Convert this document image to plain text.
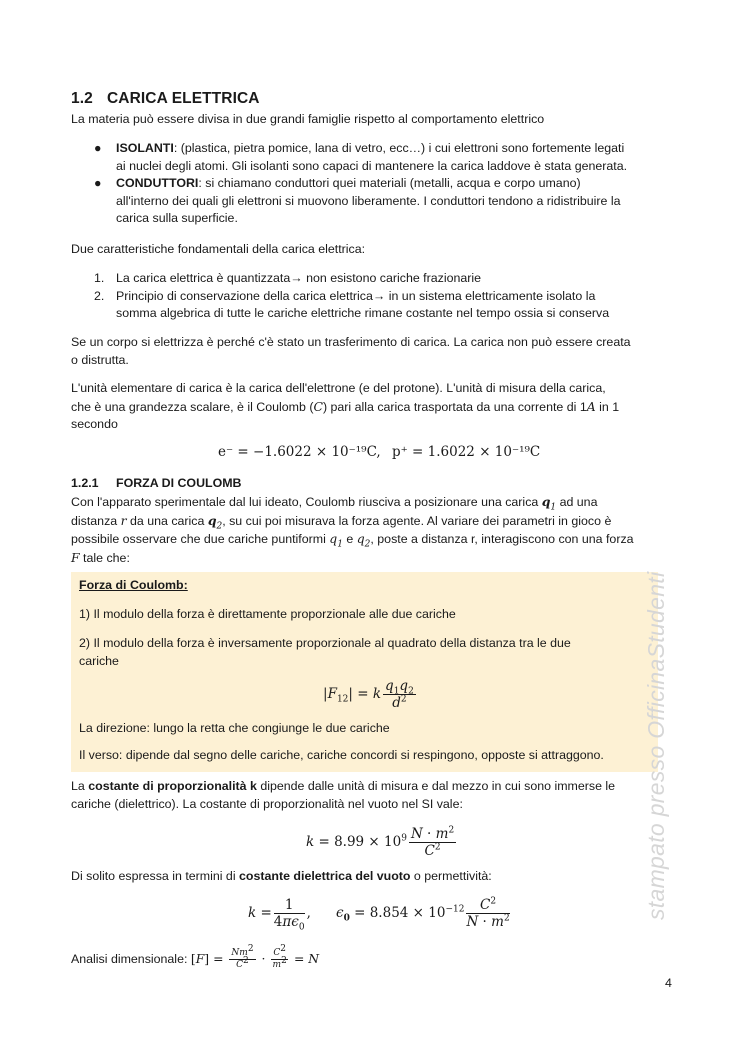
1.2 CARICA ELETTRICA
La materia può essere divisa in due grandi famiglie rispetto al comportamento elettrico
● ISOLANTI: (plastica, pietra pomice, lana di vetro, ecc…) i cui elettroni sono fortemente legati
ai nuclei degli atomi. Gli isolanti sono capaci di mantenere la carica laddove è stata generata.
● CONDUTTORI: si chiamano conduttori quei materiali (metalli, acqua e corpo umano)
all'interno dei quali gli elettroni si muovono liberamente. I conduttori tendono a ridistribuire la
carica sulla superficie.
Due caratteristiche fondamentali della carica elettrica:
1. La carica elettrica è quantizzata→ non esistono cariche frazionarie
2. Principio di conservazione della carica elettrica→ in un sistema elettricamente isolato la
somma algebrica di tutte le cariche elettriche rimane costante nel tempo ossia si conserva
Se un corpo si elettrizza è perché c'è stato un trasferimento di carica. La carica non può essere creata
o distrutta.
L'unità elementare di carica è la carica dell'elettrone (e del protone). L'unità di misura della carica,
che è una grandezza scalare, è il Coulomb (C) pari alla carica trasportata da una corrente di 1A in 1
secondo
e⁻ = −1.6022 × 10⁻¹⁹C, p⁺ = 1.6022 × 10⁻¹⁹C
1.2.1 FORZA DI COULOMB
Con l'apparato sperimentale dal lui ideato, Coulomb riusciva a posizionare una carica $q_1$ ad una
distanza r da una carica $q_2$, su cui poi misurava la forza agente. Al variare dei parametri in gioco è
possibile osservare che due cariche puntiformi $q_1$ e $q_2$, poste a distanza r, interagiscono con una forza
F tale che:
Forza di Coulomb:
1) Il modulo della forza è direttamente proporzionale alle due cariche
2) Il modulo della forza è inversamente proporzionale al quadrato della distanza tra le due
cariche
$|F_{12}| = k \frac{q_1q_2}{d^2}$
La direzione: lungo la retta che congiunge le due cariche
Il verso: dipende dal segno delle cariche, cariche concordi si respingono, opposte si attraggono.
La costante di proporzionalità k dipende dalle unità di misura e dal mezzo in cui sono immerse le
cariche (dielettrico). La costante di proporzionalità nel vuoto nel SI vale:
$k = 8.99 \times 10^9 \frac{N \cdot m^2}{C^2}$
Di solito espressa in termini di costante dielettrica del vuoto o permettività:
$k = \frac{1}{4\pi\epsilon_0}$ , $\epsilon_0 = 8.854 \times 10^{-12} \frac{C^2}{N \cdot m^2}$
Analisi dimensionale: $[F] = \frac{Nm^2}{C^2} \cdot \frac{C^2}{m^2} = N$
stampato presso OfficinaStudenti
4
